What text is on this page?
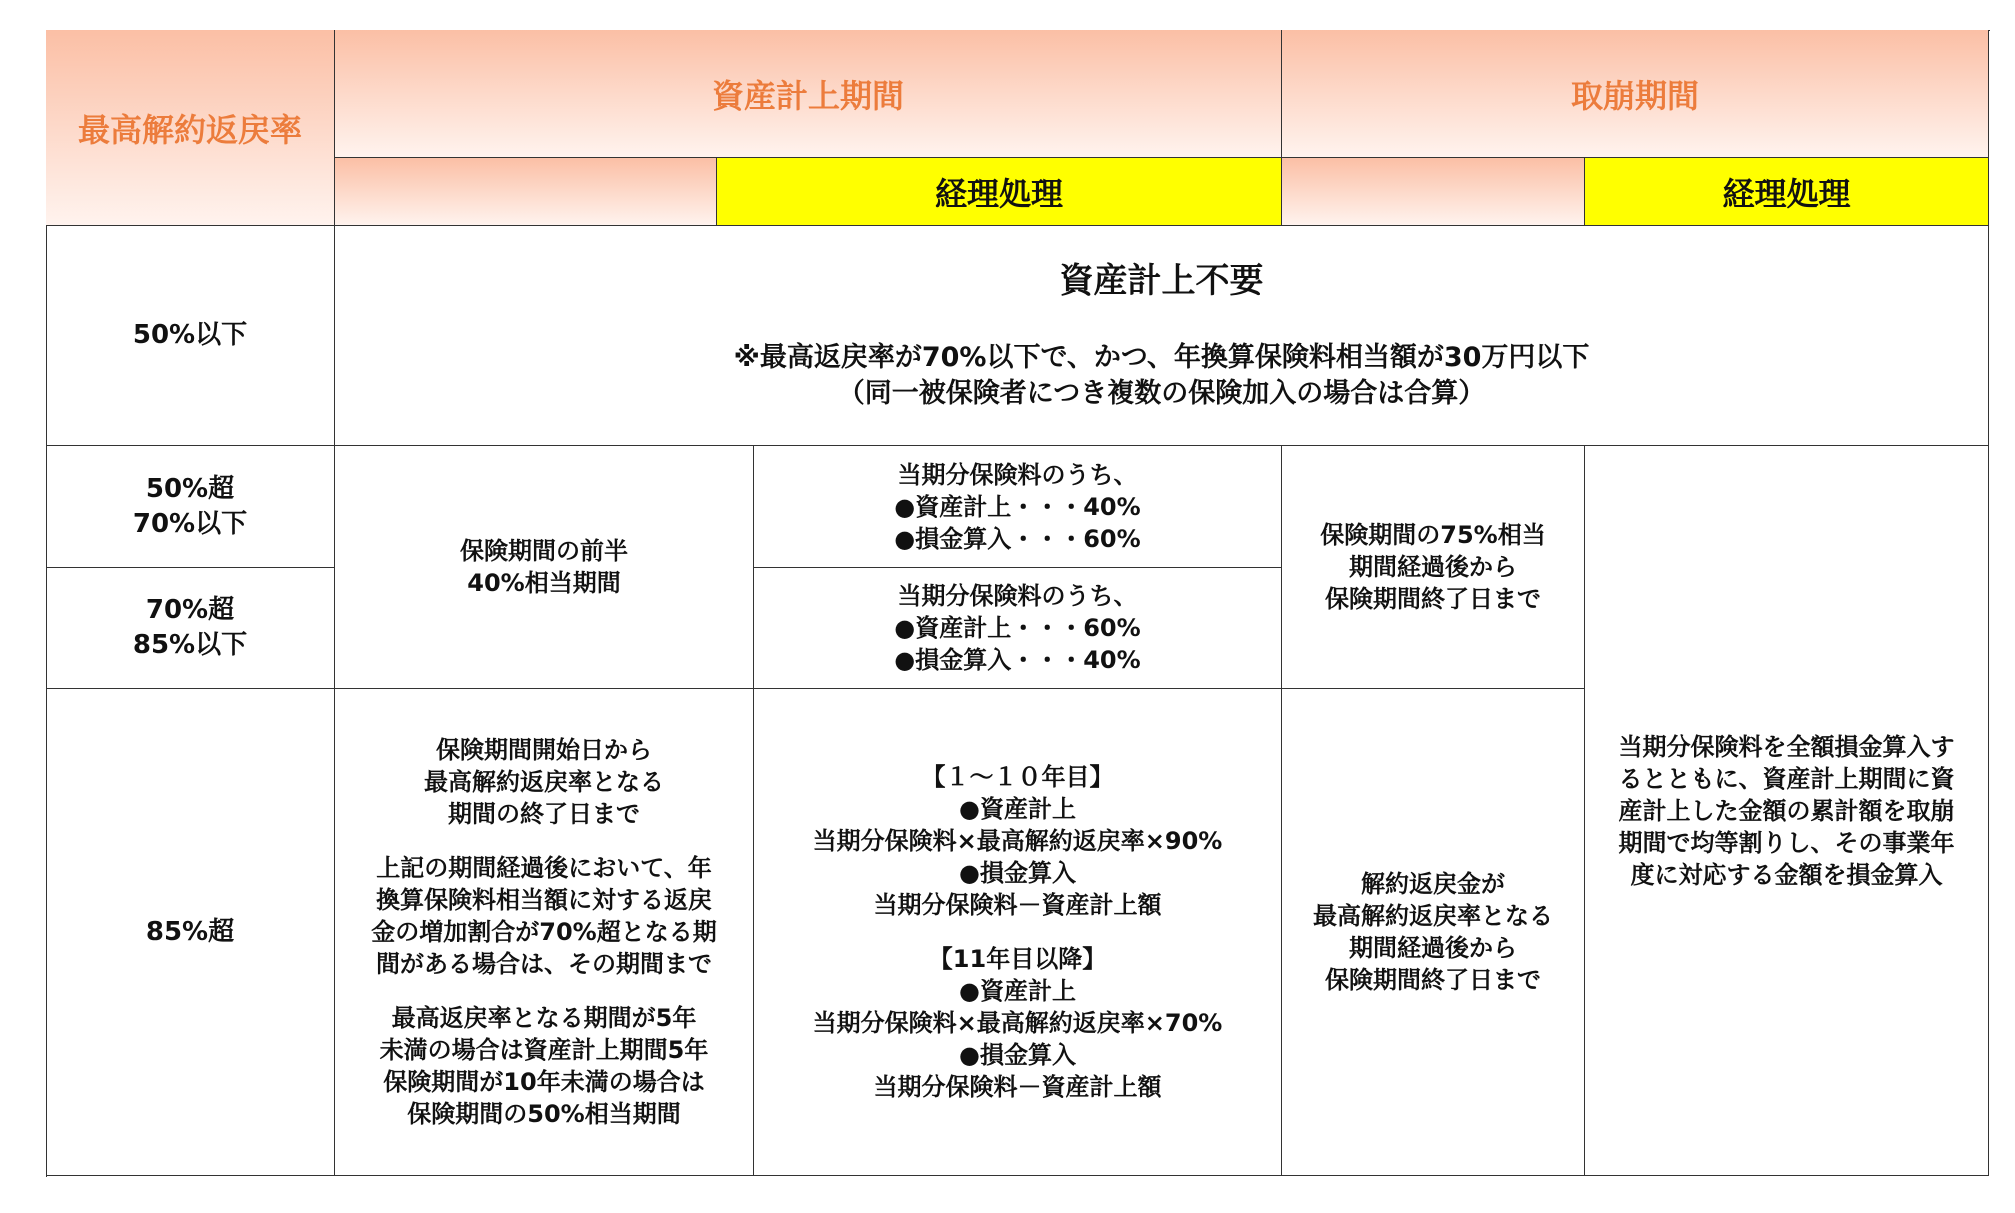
最高解約返戻率
資産計上期間	取崩期間
経理処理	経理処理
50%以下
資産計上不要
※最高返戻率が70%以下で、かつ、年換算保険料相当額が30万円以下
（同一被保険者につき複数の保険加入の場合は合算）
50%超
70%以下
70%超
85%以下
保険期間の前半
40%相当期間
当期分保険料のうち、
●資産計上・・・40%
●損金算入・・・60%
当期分保険料のうち、
●資産計上・・・60%
●損金算入・・・40%
保険期間の75%相当
期間経過後から
保険期間終了日まで
当期分保険料を全額損金算入す
るとともに、資産計上期間に資
産計上した金額の累計額を取崩
期間で均等割りし、その事業年
度に対応する金額を損金算入
85%超
保険期間開始日から
最高解約返戻率となる
期間の終了日まで
上記の期間経過後において、年
換算保険料相当額に対する返戻
金の増加割合が70%超となる期
間がある場合は、その期間まで
最高返戻率となる期間が5年
未満の場合は資産計上期間5年
保険期間が10年未満の場合は
保険期間の50%相当期間
【１～１０年目】
●資産計上
当期分保険料×最高解約返戻率×90%
●損金算入
当期分保険料－資産計上額
【11年目以降】
●資産計上
当期分保険料×最高解約返戻率×70%
●損金算入
当期分保険料－資産計上額
解約返戻金が
最高解約返戻率となる
期間経過後から
保険期間終了日まで
